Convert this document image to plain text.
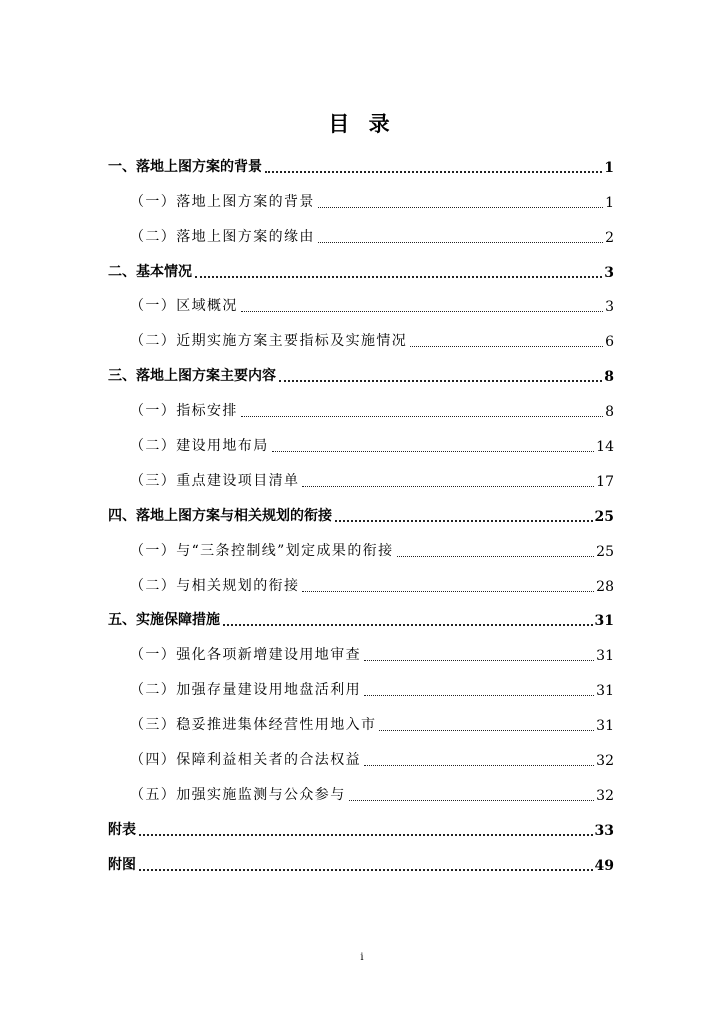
目 录
一、落地上图方案的背景	1
（一）落地上图方案的背景	1
（二）落地上图方案的缘由	2
二、基本情况	3
（一）区域概况	3
（二）近期实施方案主要指标及实施情况	6
三、落地上图方案主要内容	8
（一）指标安排	8
（二）建设用地布局	14
（三）重点建设项目清单	17
四、落地上图方案与相关规划的衔接	25
（一）与“三条控制线”划定成果的衔接	25
（二）与相关规划的衔接	28
五、实施保障措施	31
（一）强化各项新增建设用地审查	31
（二）加强存量建设用地盘活利用	31
（三）稳妥推进集体经营性用地入市	31
（四）保障利益相关者的合法权益	32
（五）加强实施监测与公众参与	32
附表	33
附图	49
i
